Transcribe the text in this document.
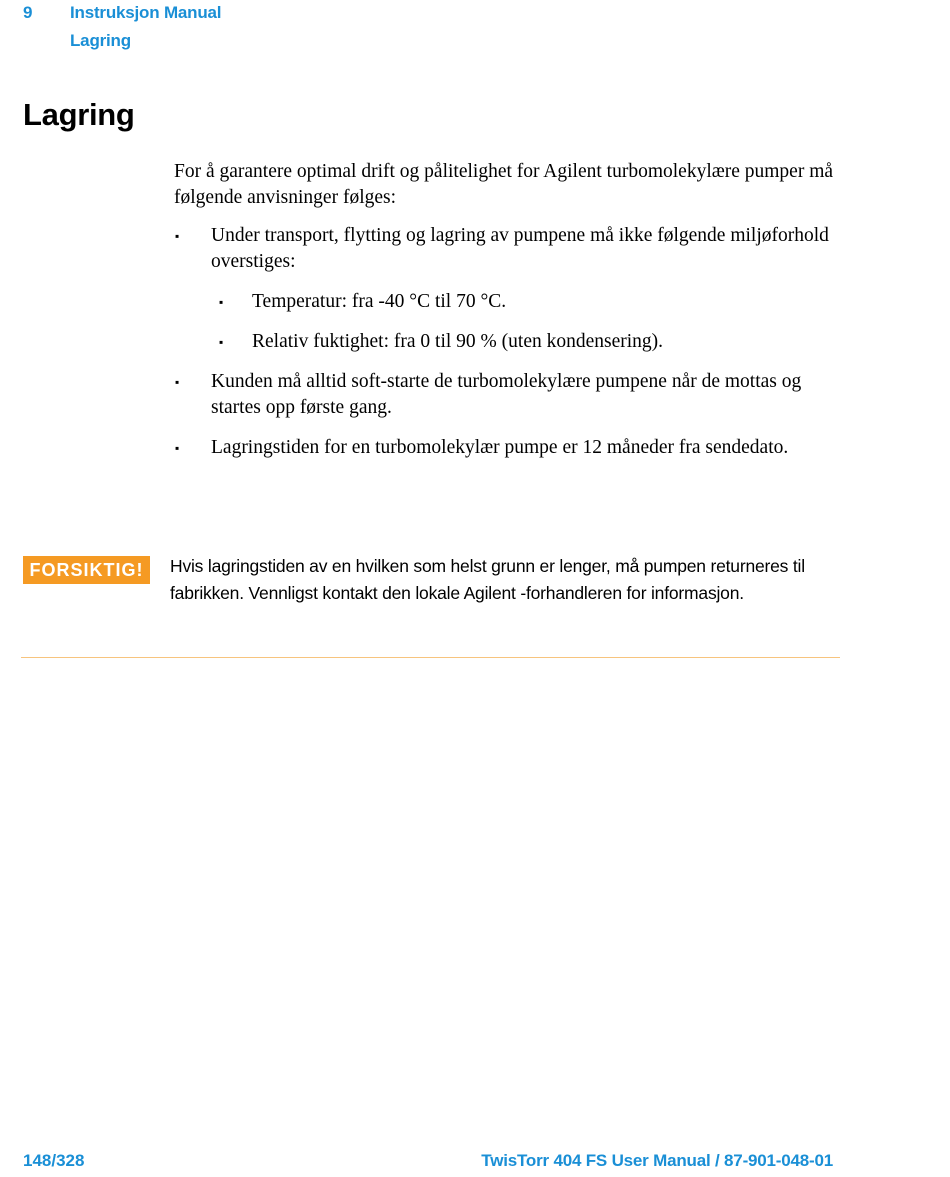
9 Instruksjon Manual
Lagring
Lagring

For å garantere optimal drift og pålitelighet for Agilent turbomolekylære pumper må følgende anvisninger følges:

▪ Under transport, flytting og lagring av pumpene må ikke følgende miljøforhold overstiges:
▪ Temperatur: fra -40 °C til 70 °C.
▪ Relativ fuktighet: fra 0 til 90 % (uten kondensering).
▪ Kunden må alltid soft-starte de turbomolekylære pumpene når de mottas og startes opp første gang.
▪ Lagringstiden for en turbomolekylær pumpe er 12 måneder fra sendedato.
FORSIKTIG!	Hvis lagringstiden av en hvilken som helst grunn er lenger, må pumpen returneres til fabrikken. Vennligst kontakt den lokale Agilent -forhandleren for informasjon.
148/328	TwisTorr 404 FS User Manual / 87-901-048-01
